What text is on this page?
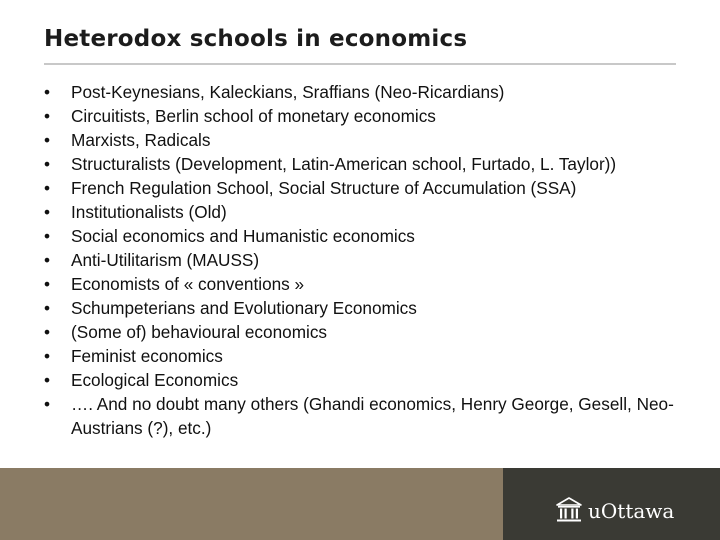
Heterodox schools in economics
•	Post-Keynesians, Kaleckians, Sraffians (Neo-Ricardians)
•	Circuitists, Berlin school of monetary economics
•	Marxists, Radicals
•	Structuralists (Development, Latin-American school, Furtado, L. Taylor))
•	French Regulation School, Social Structure of Accumulation (SSA)
•	Institutionalists (Old)
•	Social economics and Humanistic economics
•	Anti-Utilitarism (MAUSS)
•	Economists of « conventions »
•	Schumpeterians and Evolutionary Economics
•	(Some of) behavioural economics
•	Feminist economics
•	Ecological Economics
•	…. And no doubt many others (Ghandi economics, Henry George, Gesell, Neo-Austrians (?), etc.)
uOttawa
